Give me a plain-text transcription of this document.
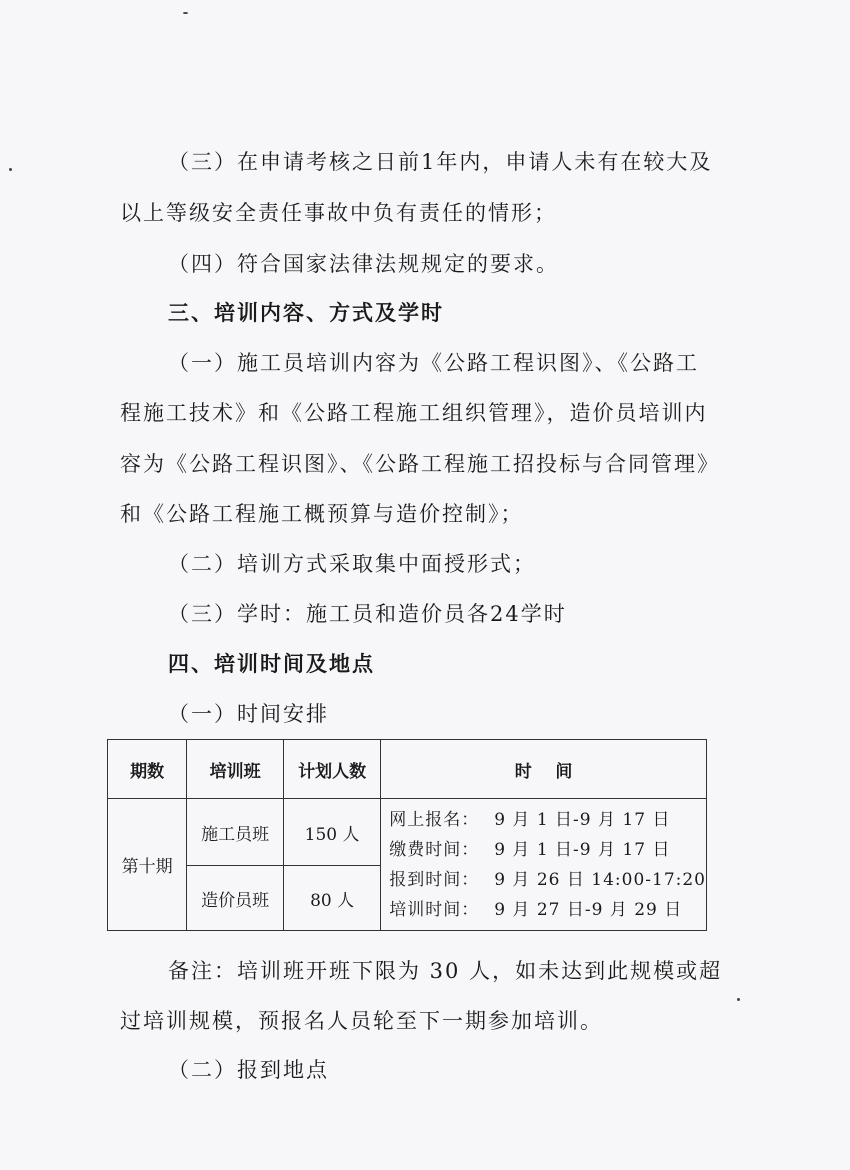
（三）在申请考核之日前1年内，申请人未有在较大及
以上等级安全责任事故中负有责任的情形；
（四）符合国家法律法规规定的要求。
三、培训内容、方式及学时
（一）施工员培训内容为《公路工程识图》、《公路工
程施工技术》和《公路工程施工组织管理》，造价员培训内
容为《公路工程识图》、《公路工程施工招投标与合同管理》
和《公路工程施工概预算与造价控制》；
（二）培训方式采取集中面授形式；
（三）学时：施工员和造价员各24学时
四、培训时间及地点
（一）时间安排
期数	培训班	计划人数	时    间
第十期	施工员班	150 人	网上报名： 9 月 1 日-9 月 17 日
缴费时间： 9 月 1 日-9 月 17 日
报到时间： 9 月 26 日 14:00-17:20
培训时间： 9 月 27 日-9 月 29 日

	造价员班	80 人	
备注：培训班开班下限为 30 人，如未达到此规模或超
过培训规模，预报名人员轮至下一期参加培训。
（二）报到地点
